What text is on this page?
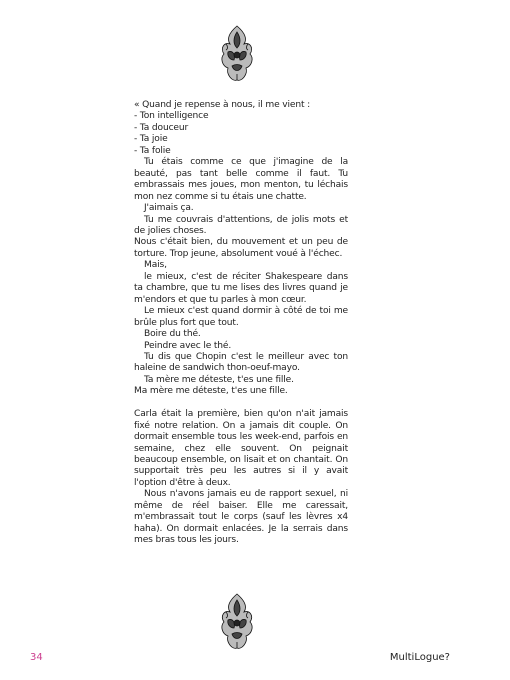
« Quand je repense à nous, il me vient :

- Ton intelligence

- Ta douceur

- Ta joie

- Ta folie

Tu étais comme ce que j'imagine de la beauté, pas tant belle comme il faut. Tu embrassais mes joues, mon menton, tu léchais mon nez comme si tu étais une chatte.

J'aimais ça.

Tu me couvrais d'attentions, de jolis mots et de jolies choses.

Nous c'était bien, du mouvement et un peu de torture. Trop jeune, absolument voué à l'échec.

Mais,

le mieux, c'est de réciter Shakespeare dans ta chambre, que tu me lises des livres quand je m'endors et que tu parles à mon cœur.

Le mieux c'est quand dormir à côté de toi me brûle plus fort que tout.

Boire du thé.

Peindre avec le thé.

Tu dis que Chopin c'est le meilleur avec ton haleine de sandwich thon-oeuf-mayo.

Ta mère me déteste, t'es une fille.

Ma mère me déteste, t'es une fille.

Carla était la première, bien qu'on n'ait jamais fixé notre relation. On a jamais dit couple. On dormait ensemble tous les week-end, parfois en semaine, chez elle souvent. On peignait beaucoup ensemble, on lisait et on chantait. On supportait très peu les autres si il y avait l'option d'être à deux.

Nous n'avons jamais eu de rapport sexuel, ni même de réel baiser. Elle me caressait, m'embrassait tout le corps (sauf les lèvres x4 haha). On dormait enlacées. Je la serrais dans mes bras tous les jours.

34	MultiLogue?
